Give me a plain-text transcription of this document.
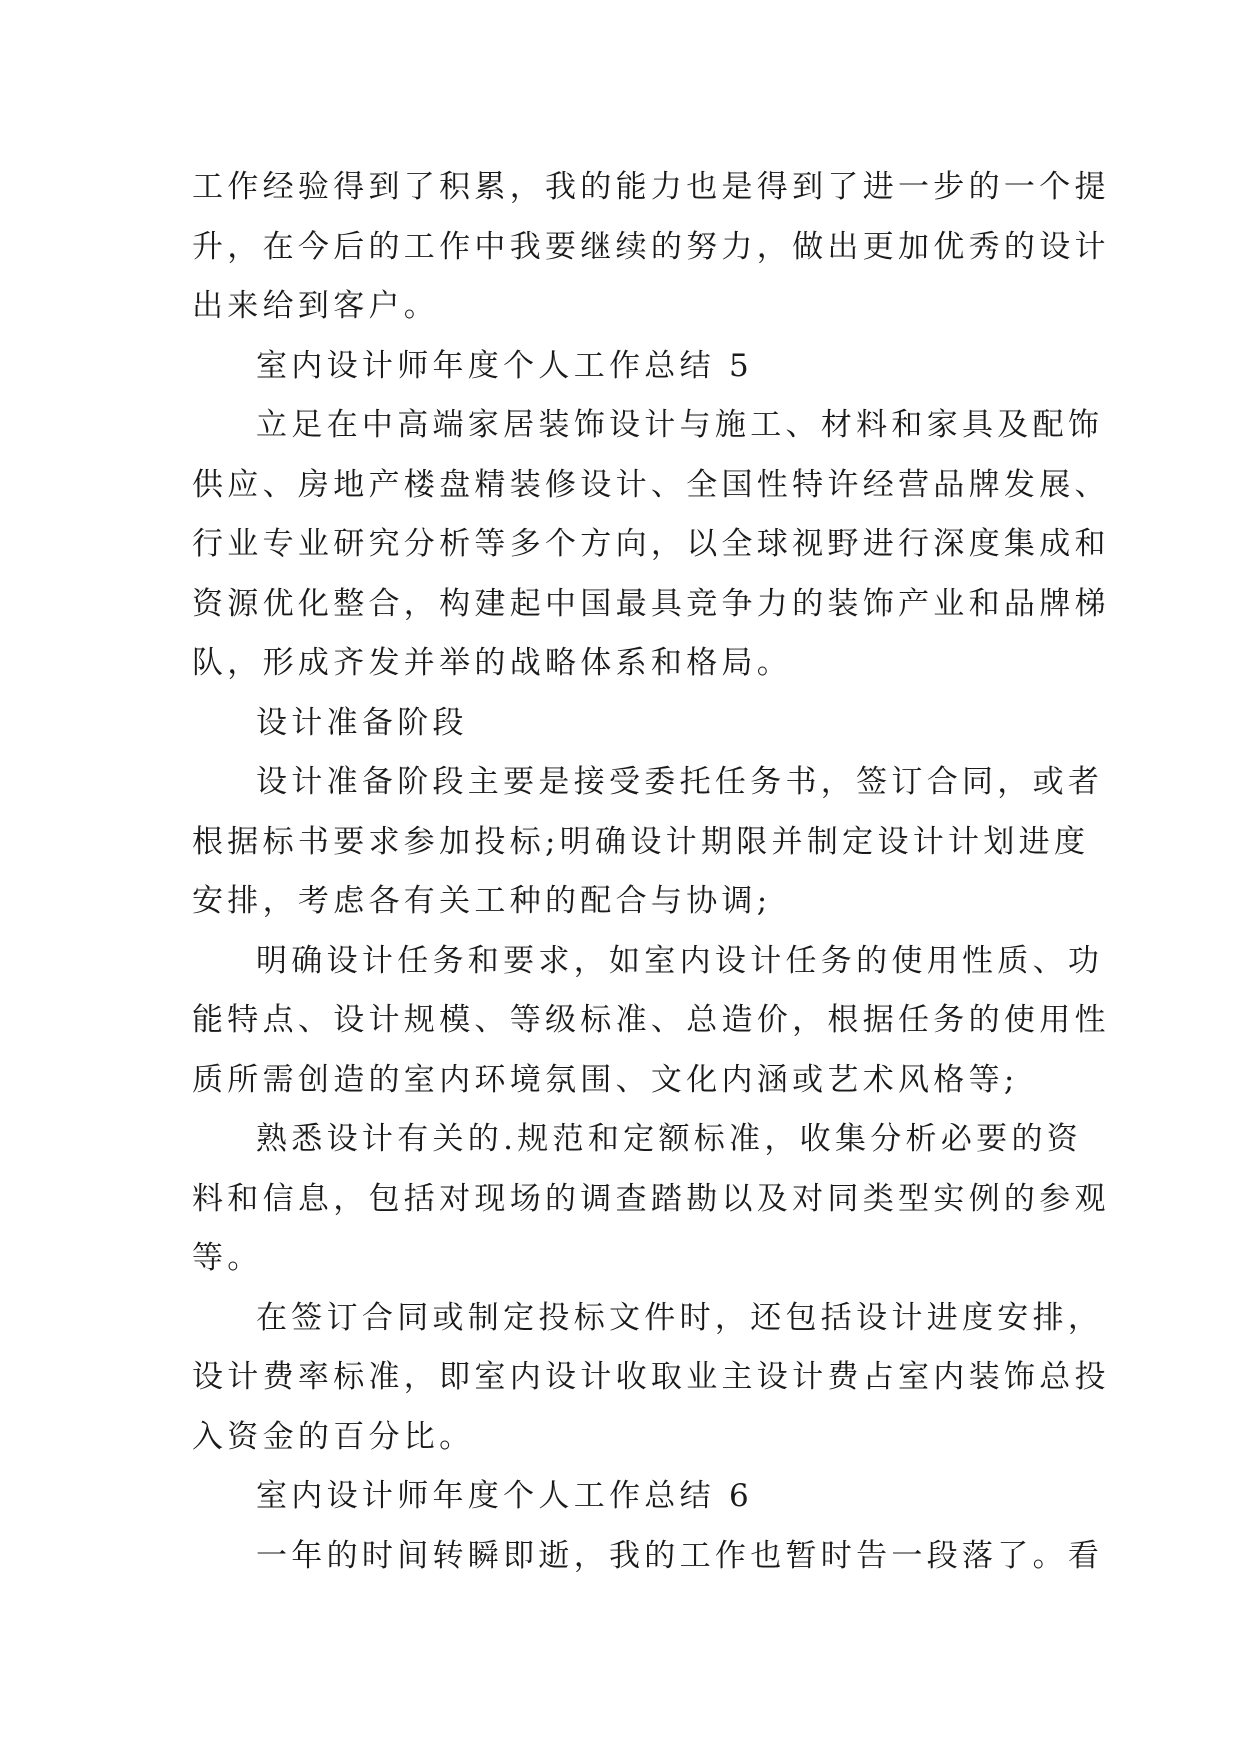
工作经验得到了积累，我的能力也是得到了进一步的一个提
升，在今后的工作中我要继续的努力，做出更加优秀的设计
出来给到客户。
室内设计师年度个人工作总结 5
立足在中高端家居装饰设计与施工、材料和家具及配饰
供应、房地产楼盘精装修设计、全国性特许经营品牌发展、
行业专业研究分析等多个方向，以全球视野进行深度集成和
资源优化整合，构建起中国最具竞争力的装饰产业和品牌梯
队，形成齐发并举的战略体系和格局。
设计准备阶段
设计准备阶段主要是接受委托任务书，签订合同，或者
根据标书要求参加投标;明确设计期限并制定设计计划进度
安排，考虑各有关工种的配合与协调;
明确设计任务和要求，如室内设计任务的使用性质、功
能特点、设计规模、等级标准、总造价，根据任务的使用性
质所需创造的室内环境氛围、文化内涵或艺术风格等;
熟悉设计有关的.规范和定额标准，收集分析必要的资
料和信息，包括对现场的调查踏勘以及对同类型实例的参观
等。
在签订合同或制定投标文件时，还包括设计进度安排，
设计费率标准，即室内设计收取业主设计费占室内装饰总投
入资金的百分比。
室内设计师年度个人工作总结 6
一年的时间转瞬即逝，我的工作也暂时告一段落了。看
